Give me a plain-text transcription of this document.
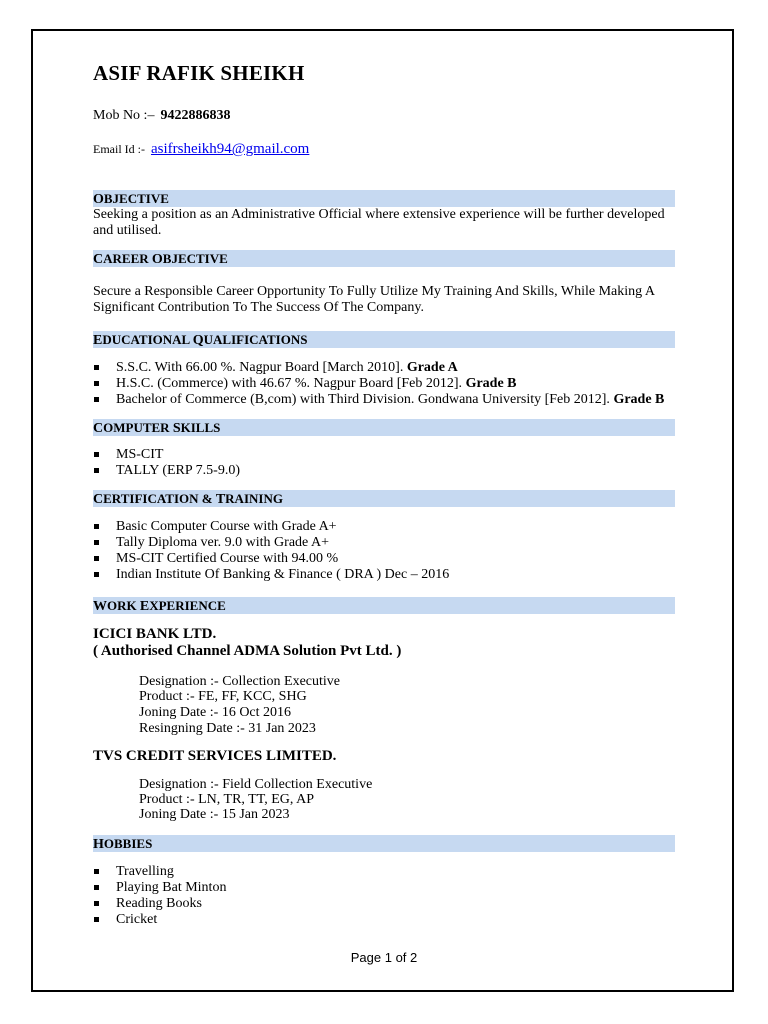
ASIF RAFIK SHEIKH
Mob No :– 9422886838
Email Id :- asifrsheikh94@gmail.com
OBJECTIVE
Seeking a position as an Administrative Official where extensive experience will be further developed and utilised.
CAREER OBJECTIVE
Secure a Responsible Career Opportunity To Fully Utilize My Training And Skills, While Making A Significant Contribution To The Success Of The Company.
EDUCATIONAL QUALIFICATIONS
S.S.C. With 66.00 %. Nagpur Board [March 2010]. Grade A
H.S.C. (Commerce) with 46.67 %. Nagpur Board [Feb 2012]. Grade B
Bachelor of Commerce (B,com) with Third Division. Gondwana University [Feb 2012]. Grade B
COMPUTER SKILLS
MS-CIT
TALLY (ERP 7.5-9.0)
CERTIFICATION & TRAINING
Basic Computer Course with Grade A+
Tally Diploma ver. 9.0 with Grade A+
MS-CIT Certified Course with 94.00 %
Indian Institute Of Banking & Finance ( DRA ) Dec – 2016
WORK EXPERIENCE
ICICI BANK LTD.
( Authorised Channel ADMA Solution Pvt Ltd. )
Designation :- Collection Executive
Product :- FE, FF, KCC, SHG
Joning Date :- 16 Oct 2016
Resingning Date :- 31 Jan 2023
TVS CREDIT SERVICES LIMITED.
Designation :- Field Collection Executive
Product :- LN, TR, TT, EG, AP
Joning Date :- 15 Jan 2023
HOBBIES
Travelling
Playing Bat Minton
Reading Books
Cricket
Page 1 of 2
